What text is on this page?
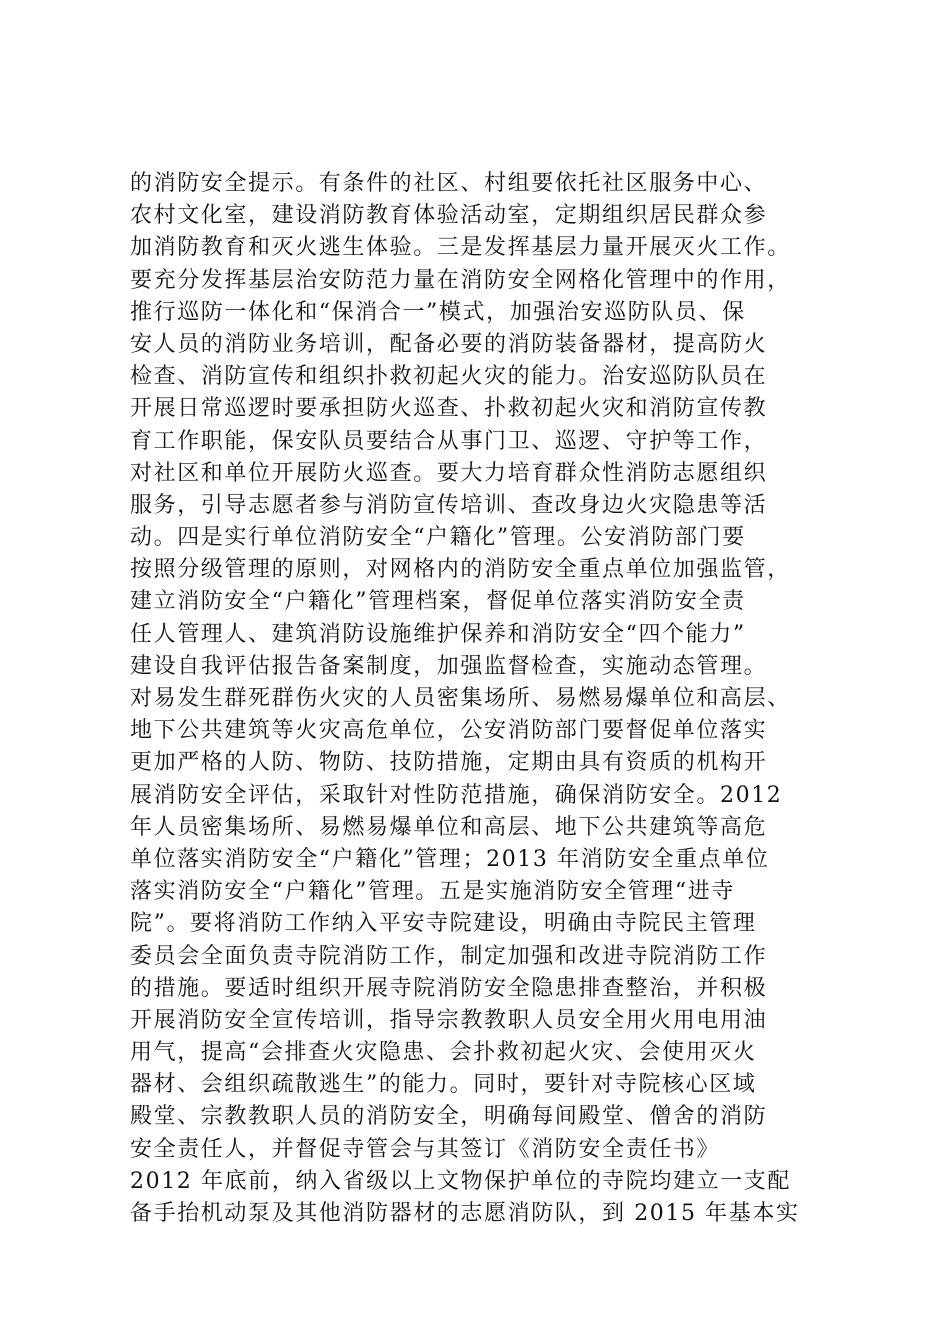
的消防安全提示。有条件的社区、村组要依托社区服务中心、
农村文化室，建设消防教育体验活动室，定期组织居民群众参
加消防教育和灭火逃生体验。三是发挥基层力量开展灭火工作。
要充分发挥基层治安防范力量在消防安全网格化管理中的作用，
推行巡防一体化和“保消合一”模式，加强治安巡防队员、保
安人员的消防业务培训，配备必要的消防装备器材，提高防火
检查、消防宣传和组织扑救初起火灾的能力。治安巡防队员在
开展日常巡逻时要承担防火巡查、扑救初起火灾和消防宣传教
育工作职能，保安队员要结合从事门卫、巡逻、守护等工作，
对社区和单位开展防火巡查。要大力培育群众性消防志愿组织
服务，引导志愿者参与消防宣传培训、查改身边火灾隐患等活
动。四是实行单位消防安全“户籍化”管理。公安消防部门要
按照分级管理的原则，对网格内的消防安全重点单位加强监管，
建立消防安全“户籍化”管理档案，督促单位落实消防安全责
任人管理人、建筑消防设施维护保养和消防安全“四个能力”
建设自我评估报告备案制度，加强监督检查，实施动态管理。
对易发生群死群伤火灾的人员密集场所、易燃易爆单位和高层、
地下公共建筑等火灾高危单位，公安消防部门要督促单位落实
更加严格的人防、物防、技防措施，定期由具有资质的机构开
展消防安全评估，采取针对性防范措施，确保消防安全。2012
年人员密集场所、易燃易爆单位和高层、地下公共建筑等高危
单位落实消防安全“户籍化”管理；2013 年消防安全重点单位
落实消防安全“户籍化”管理。五是实施消防安全管理“进寺
院”。要将消防工作纳入平安寺院建设，明确由寺院民主管理
委员会全面负责寺院消防工作，制定加强和改进寺院消防工作
的措施。要适时组织开展寺院消防安全隐患排查整治，并积极
开展消防安全宣传培训，指导宗教教职人员安全用火用电用油
用气，提高“会排查火灾隐患、会扑救初起火灾、会使用灭火
器材、会组织疏散逃生”的能力。同时，要针对寺院核心区域
殿堂、宗教教职人员的消防安全，明确每间殿堂、僧舍的消防
安全责任人，并督促寺管会与其签订《消防安全责任书》
2012 年底前，纳入省级以上文物保护单位的寺院均建立一支配
备手抬机动泵及其他消防器材的志愿消防队，到 2015 年基本实
